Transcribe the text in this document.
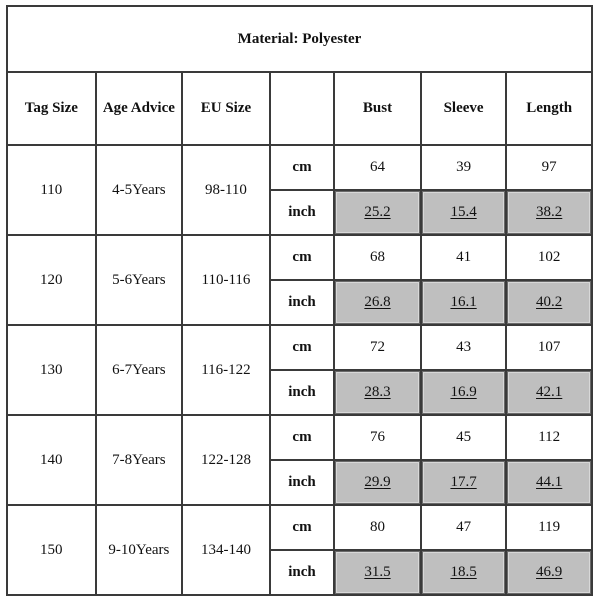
Material: Polyester						
Tag Size	Age Advice	EU Size		Bust	Sleeve	Length
110	4-5Years	98-110	cm	64	39	97
			inch	25.2	15.4	38.2

120	5-6Years	110-116	cm	68	41	102
			inch	26.8	16.1	40.2

130	6-7Years	116-122	cm	72	43	107
			inch	28.3	16.9	42.1

140	7-8Years	122-128	cm	76	45	112
			inch	29.9	17.7	44.1

150	9-10Years	134-140	cm	80	47	119
			inch	31.5	18.5	46.9
